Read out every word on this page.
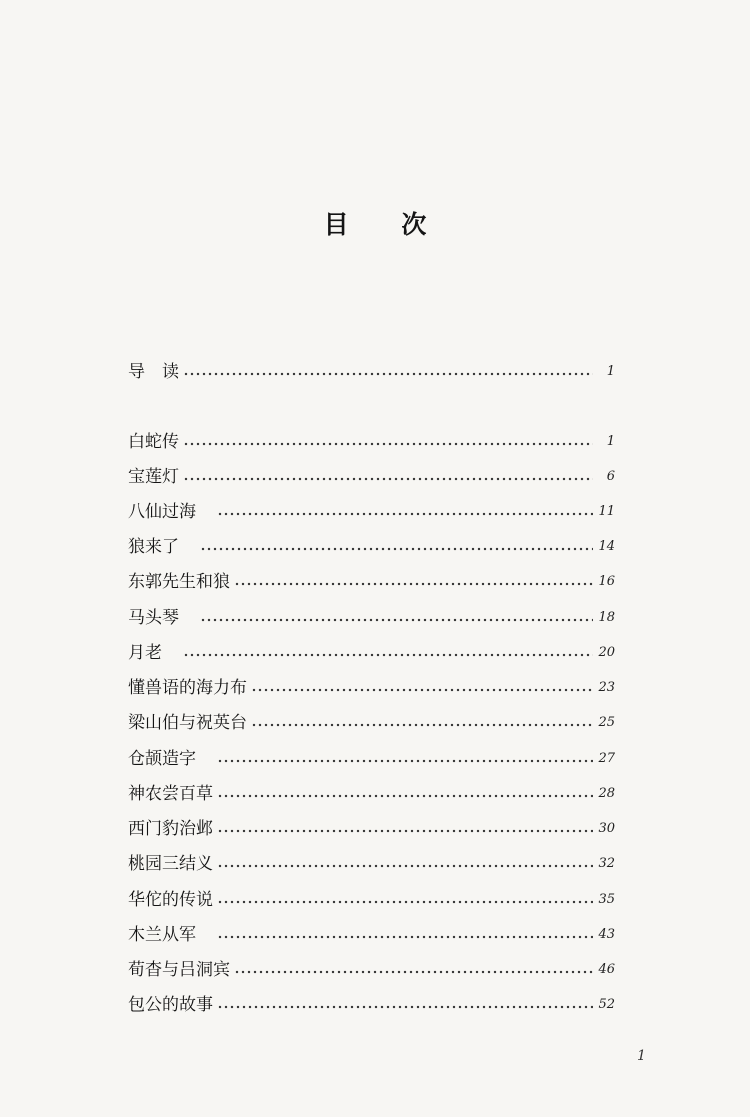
目 次
导　读	1
白蛇传	1
宝莲灯	6
八仙过海　	11
狼来了　	14
东郭先生和狼	16
马头琴　	18
月老　	20
懂兽语的海力布	23
梁山伯与祝英台	25
仓颉造字　	27
神农尝百草	28
西门豹治邺	30
桃园三结义	32
华佗的传说	35
木兰从军　	43
荀杳与吕洞宾	46
包公的故事	52
1
